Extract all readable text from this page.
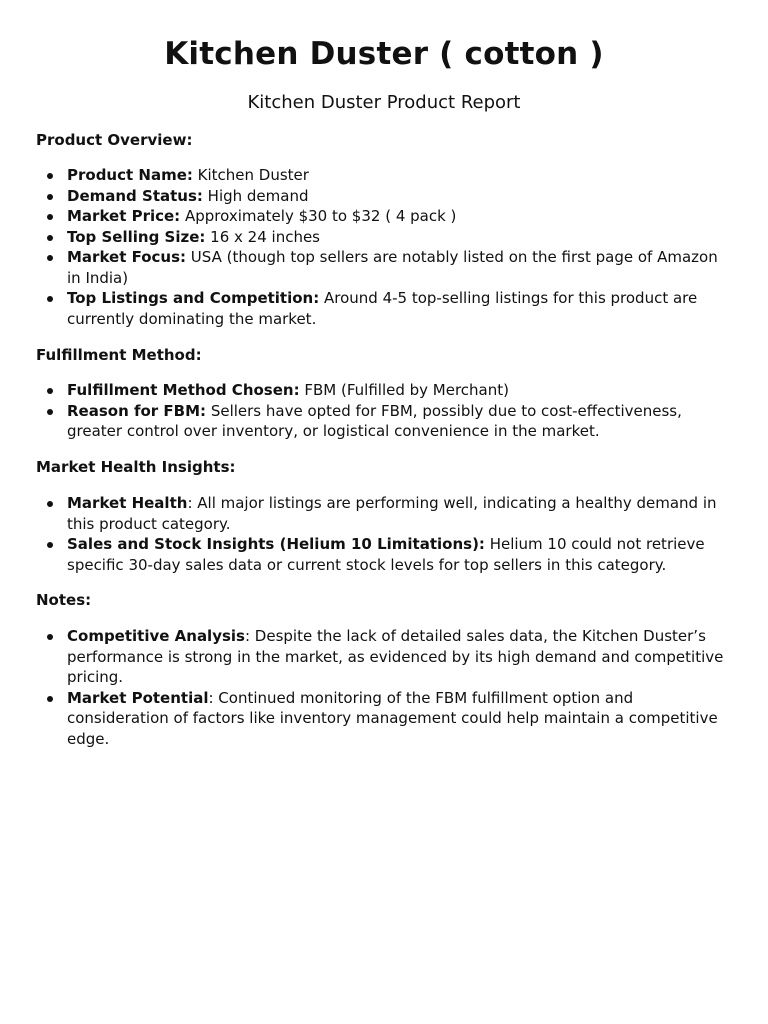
Kitchen Duster ( cotton )
Kitchen Duster Product Report
Product Overview:
Product Name: Kitchen Duster
Demand Status: High demand
Market Price: Approximately $30 to $32 ( 4 pack )
Top Selling Size: 16 x 24 inches
Market Focus: USA (though top sellers are notably listed on the first page of Amazon in India)
Top Listings and Competition: Around 4-5 top-selling listings for this product are currently dominating the market.
Fulfillment Method:
Fulfillment Method Chosen: FBM (Fulfilled by Merchant)
Reason for FBM: Sellers have opted for FBM, possibly due to cost-effectiveness, greater control over inventory, or logistical convenience in the market.
Market Health Insights:
Market Health: All major listings are performing well, indicating a healthy demand in this product category.
Sales and Stock Insights (Helium 10 Limitations): Helium 10 could not retrieve specific 30-day sales data or current stock levels for top sellers in this category.
Notes:
Competitive Analysis: Despite the lack of detailed sales data, the Kitchen Duster’s performance is strong in the market, as evidenced by its high demand and competitive pricing.
Market Potential: Continued monitoring of the FBM fulfillment option and consideration of factors like inventory management could help maintain a competitive edge.
